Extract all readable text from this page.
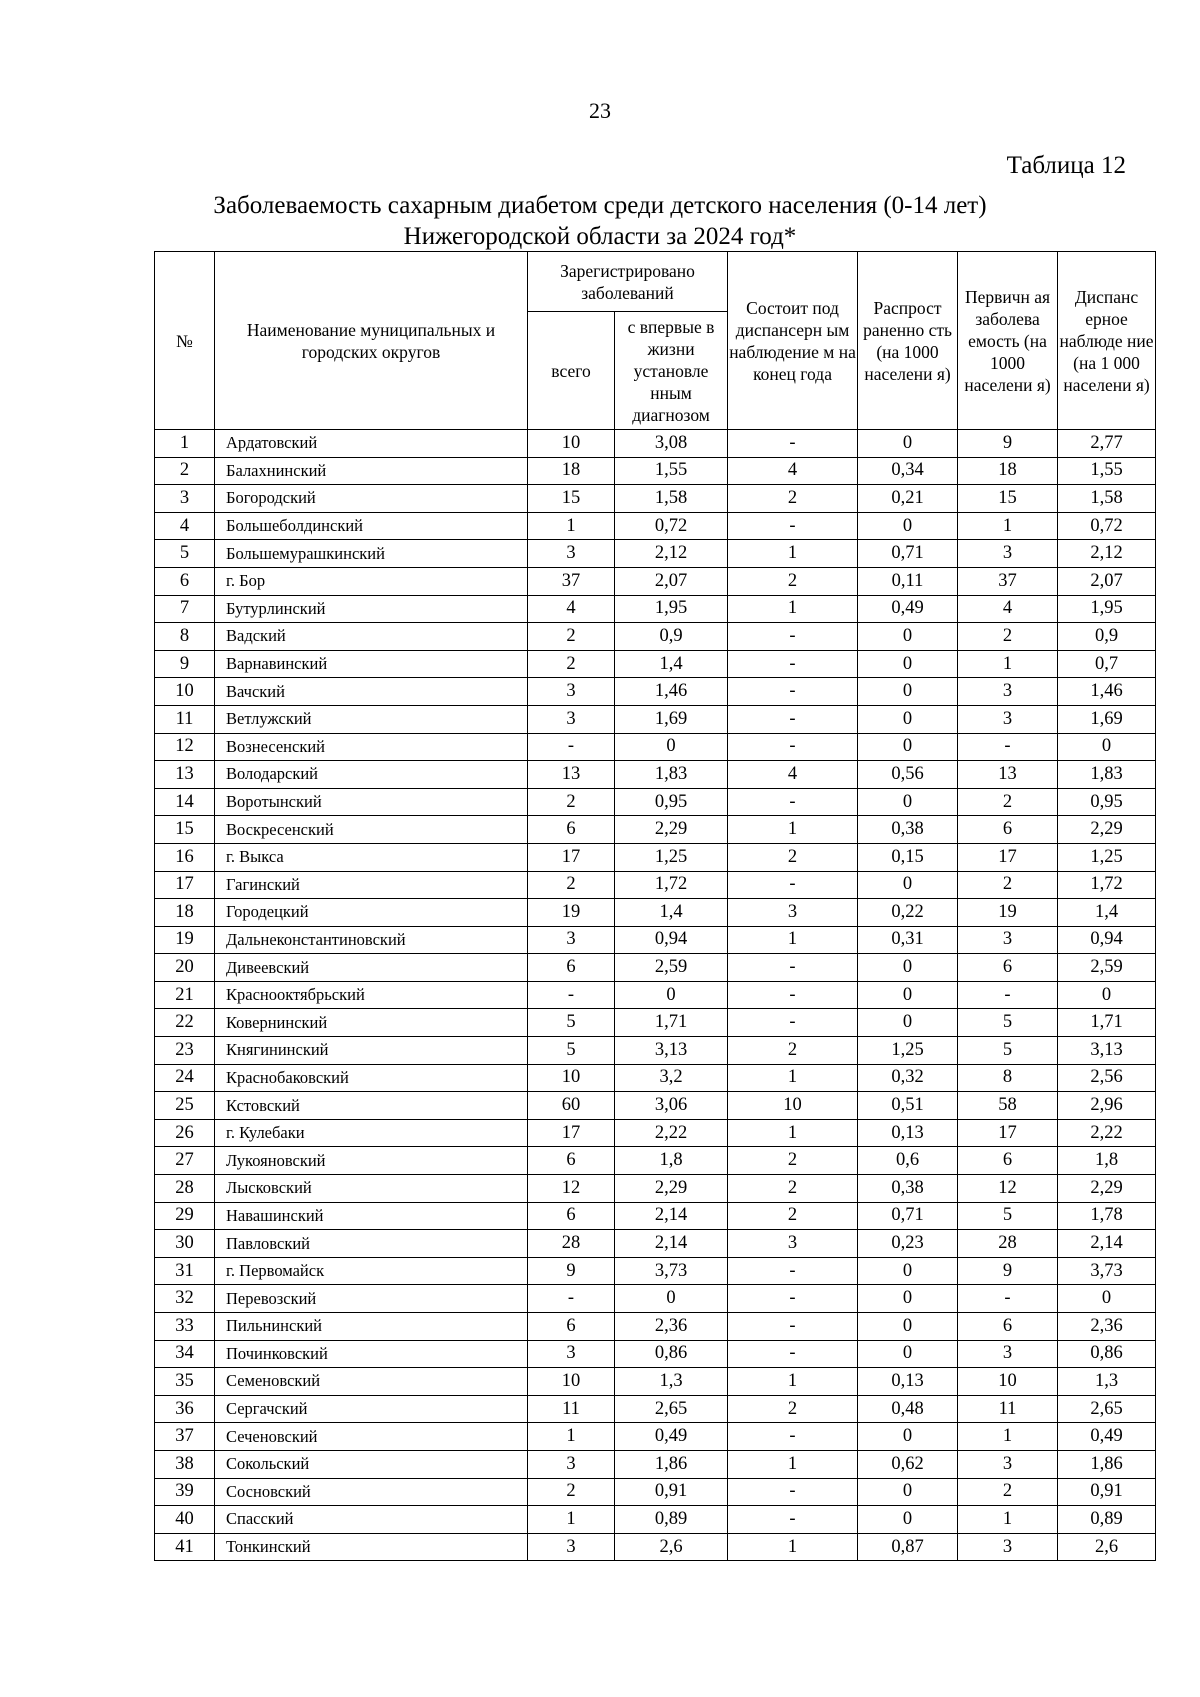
23
Таблица 12
Заболеваемость сахарным диабетом среди детского населения (0-14 лет)
Нижегородской области за 2024 год*
№	Наименование муниципальных и городских округов	Зарегистрировано заболеваний		Состоит под диспансерн ым наблюдение м на конец года	Распрост раненно сть (на 1000 населени я)	Первичн ая заболева емость (на 1000 населени я)	Диспанс ерное наблюде ние (на 1 000 населени я)
		всего	с впервые в жизни установле нным диагнозом				
1	Ардатовский	10	3,08	-	0	9	2,77
2	Балахнинский	18	1,55	4	0,34	18	1,55
3	Богородский	15	1,58	2	0,21	15	1,58
4	Большеболдинский	1	0,72	-	0	1	0,72
5	Большемурашкинский	3	2,12	1	0,71	3	2,12
6	г. Бор	37	2,07	2	0,11	37	2,07
7	Бутурлинский	4	1,95	1	0,49	4	1,95
8	Вадский	2	0,9	-	0	2	0,9
9	Варнавинский	2	1,4	-	0	1	0,7
10	Вачский	3	1,46	-	0	3	1,46
11	Ветлужский	3	1,69	-	0	3	1,69
12	Вознесенский	-	0	-	0	-	0
13	Володарский	13	1,83	4	0,56	13	1,83
14	Воротынский	2	0,95	-	0	2	0,95
15	Воскресенский	6	2,29	1	0,38	6	2,29
16	г. Выкса	17	1,25	2	0,15	17	1,25
17	Гагинский	2	1,72	-	0	2	1,72
18	Городецкий	19	1,4	3	0,22	19	1,4
19	Дальнеконстантиновский	3	0,94	1	0,31	3	0,94
20	Дивеевский	6	2,59	-	0	6	2,59
21	Краснооктябрьский	-	0	-	0	-	0
22	Ковернинский	5	1,71	-	0	5	1,71
23	Княгининский	5	3,13	2	1,25	5	3,13
24	Краснобаковский	10	3,2	1	0,32	8	2,56
25	Кстовский	60	3,06	10	0,51	58	2,96
26	г. Кулебаки	17	2,22	1	0,13	17	2,22
27	Лукояновский	6	1,8	2	0,6	6	1,8
28	Лысковский	12	2,29	2	0,38	12	2,29
29	Навашинский	6	2,14	2	0,71	5	1,78
30	Павловский	28	2,14	3	0,23	28	2,14
31	г. Первомайск	9	3,73	-	0	9	3,73
32	Перевозский	-	0	-	0	-	0
33	Пильнинский	6	2,36	-	0	6	2,36
34	Починковский	3	0,86	-	0	3	0,86
35	Семеновский	10	1,3	1	0,13	10	1,3
36	Сергачский	11	2,65	2	0,48	11	2,65
37	Сеченовский	1	0,49	-	0	1	0,49
38	Сокольский	3	1,86	1	0,62	3	1,86
39	Сосновский	2	0,91	-	0	2	0,91
40	Спасский	1	0,89	-	0	1	0,89
41	Тонкинский	3	2,6	1	0,87	3	2,6
